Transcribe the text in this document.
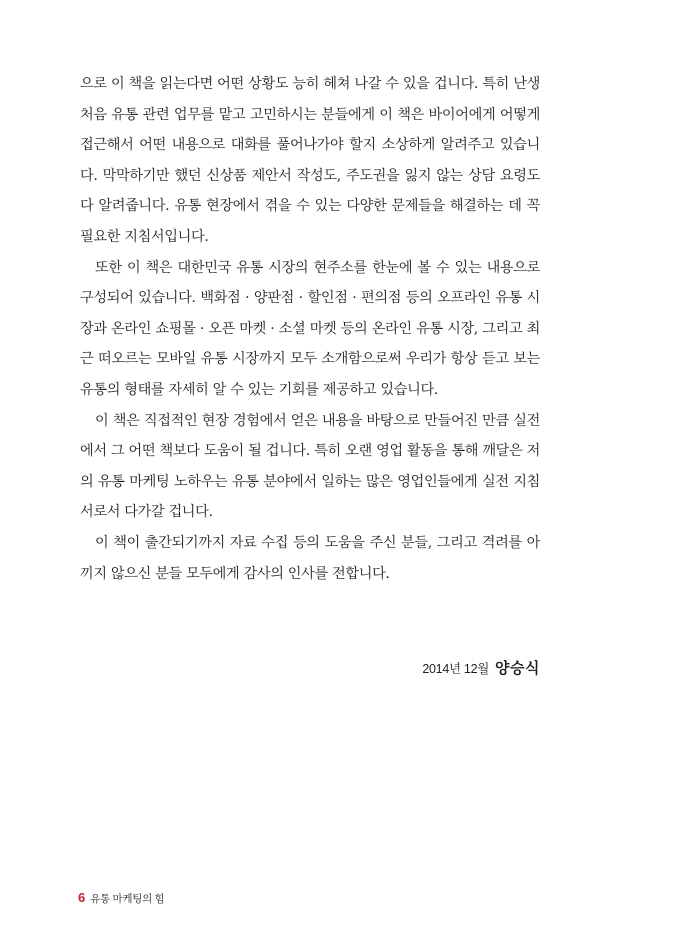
으로 이 책을 읽는다면 어떤 상황도 능히 헤쳐 나갈 수 있을 겁니다. 특히 난생 처음 유통 관련 업무를 맡고 고민하시는 분들에게 이 책은 바이어에게 어떻게 접근해서 어떤 내용으로 대화를 풀어나가야 할지 소상하게 알려주고 있습니다. 막막하기만 했던 신상품 제안서 작성도, 주도권을 잃지 않는 상담 요령도 다 알려줍니다. 유통 현장에서 겪을 수 있는 다양한 문제들을 해결하는 데 꼭 필요한 지침서입니다.

또한 이 책은 대한민국 유통 시장의 현주소를 한눈에 볼 수 있는 내용으로 구성되어 있습니다. 백화점 · 양판점 · 할인점 · 편의점 등의 오프라인 유통 시장과 온라인 쇼핑몰 · 오픈 마켓 · 소셜 마켓 등의 온라인 유통 시장, 그리고 최근 떠오르는 모바일 유통 시장까지 모두 소개함으로써 우리가 항상 듣고 보는 유통의 형태를 자세히 알 수 있는 기회를 제공하고 있습니다.

이 책은 직접적인 현장 경험에서 얻은 내용을 바탕으로 만들어진 만큼 실전에서 그 어떤 책보다 도움이 될 겁니다. 특히 오랜 영업 활동을 통해 깨달은 저의 유통 마케팅 노하우는 유통 분야에서 일하는 많은 영업인들에게 실전 지침서로서 다가갈 겁니다.

이 책이 출간되기까지 자료 수집 등의 도움을 주신 분들, 그리고 격려를 아끼지 않으신 분들 모두에게 감사의 인사를 전합니다.

2014년 12월 양승식
6 유통 마케팅의 힘
